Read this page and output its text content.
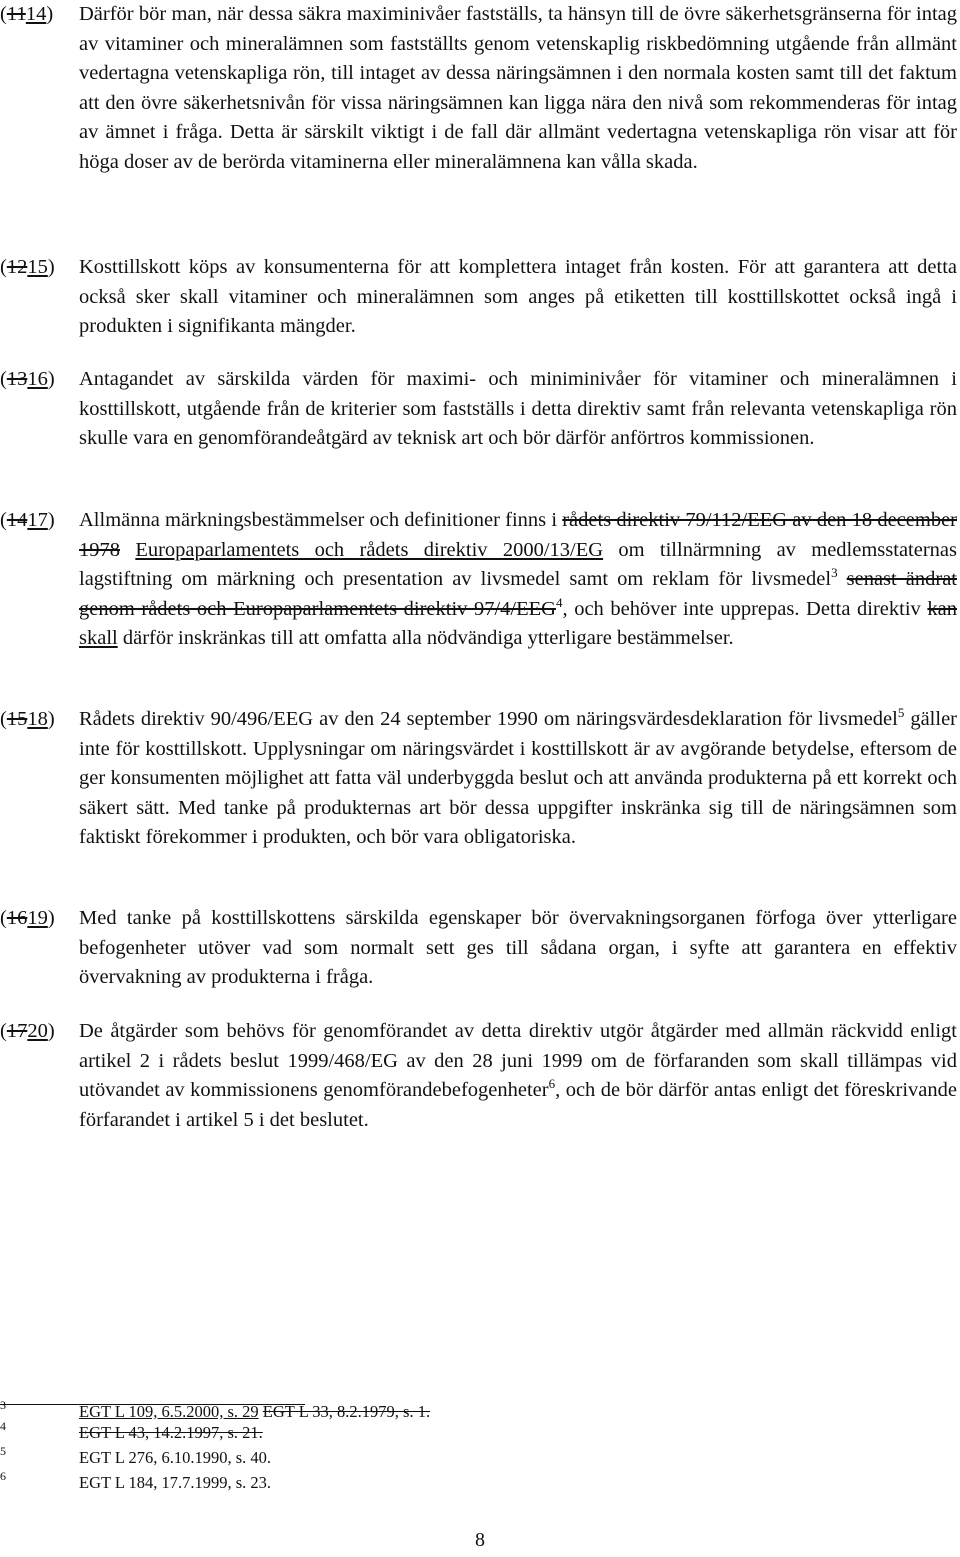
(1114) Därför bör man, när dessa säkra maximinivåer fastställs, ta hänsyn till de övre säkerhetsgränserna för intag av vitaminer och mineralämnen som fastställts genom vetenskaplig riskbedömning utgående från allmänt vedertagna vetenskapliga rön, till intaget av dessa näringsämnen i den normala kosten samt till det faktum att den övre säkerhetsnivån för vissa näringsämnen kan ligga nära den nivå som rekommenderas för intag av ämnet i fråga. Detta är särskilt viktigt i de fall där allmänt vedertagna vetenskapliga rön visar att för höga doser av de berörda vitaminerna eller mineralämnena kan vålla skada.
(1215) Kosttillskott köps av konsumenterna för att komplettera intaget från kosten. För att garantera att detta också sker skall vitaminer och mineralämnen som anges på etiketten till kosttillskottet också ingå i produkten i signifikanta mängder.
(1316) Antagandet av särskilda värden för maximi- och miniminivåer för vitaminer och mineralämnen i kosttillskott, utgående från de kriterier som fastställs i detta direktiv samt från relevanta vetenskapliga rön skulle vara en genomförandeåtgärd av teknisk art och bör därför anförtros kommissionen.
(1417) Allmänna märkningsbestämmelser och definitioner finns i rådets direktiv 79/112/EEG av den 18 december 1978 Europaparlamentets och rådets direktiv 2000/13/EG om tillnärmning av medlemsstaternas lagstiftning om märkning och presentation av livsmedel samt om reklam för livsmedel$^3$ senast ändrat genom rådets och Europaparlamentets direktiv 97/4/EEG$^4$, och behöver inte upprepas. Detta direktiv kan skall därför inskränkas till att omfatta alla nödvändiga ytterligare bestämmelser.
(1518) Rådets direktiv 90/496/EEG av den 24 september 1990 om näringsvärdesdeklaration för livsmedel$^5$ gäller inte för kosttillskott. Upplysningar om näringsvärdet i kosttillskott är av avgörande betydelse, eftersom de ger konsumenten möjlighet att fatta väl underbyggda beslut och att använda produkterna på ett korrekt och säkert sätt. Med tanke på produkternas art bör dessa uppgifter inskränka sig till de näringsämnen som faktiskt förekommer i produkten, och bör vara obligatoriska.
(1619) Med tanke på kosttillskottens särskilda egenskaper bör övervakningsorganen förfoga över ytterligare befogenheter utöver vad som normalt sett ges till sådana organ, i syfte att garantera en effektiv övervakning av produkterna i fråga.
(1720) De åtgärder som behövs för genomförandet av detta direktiv utgör åtgärder med allmän räckvidd enligt artikel 2 i rådets beslut 1999/468/EG av den 28 juni 1999 om de förfaranden som skall tillämpas vid utövandet av kommissionens genomförandebefogenheter$^6$, och de bör därför antas enligt det föreskrivande förfarandet i artikel 5 i det beslutet.
3	EGT L 109, 6.5.2000, s. 29 EGT L 33, 8.2.1979, s. 1.
4	EGT L 43, 14.2.1997, s. 21.
5	EGT L 276, 6.10.1990, s. 40.
6	EGT L 184, 17.7.1999, s. 23.
8
